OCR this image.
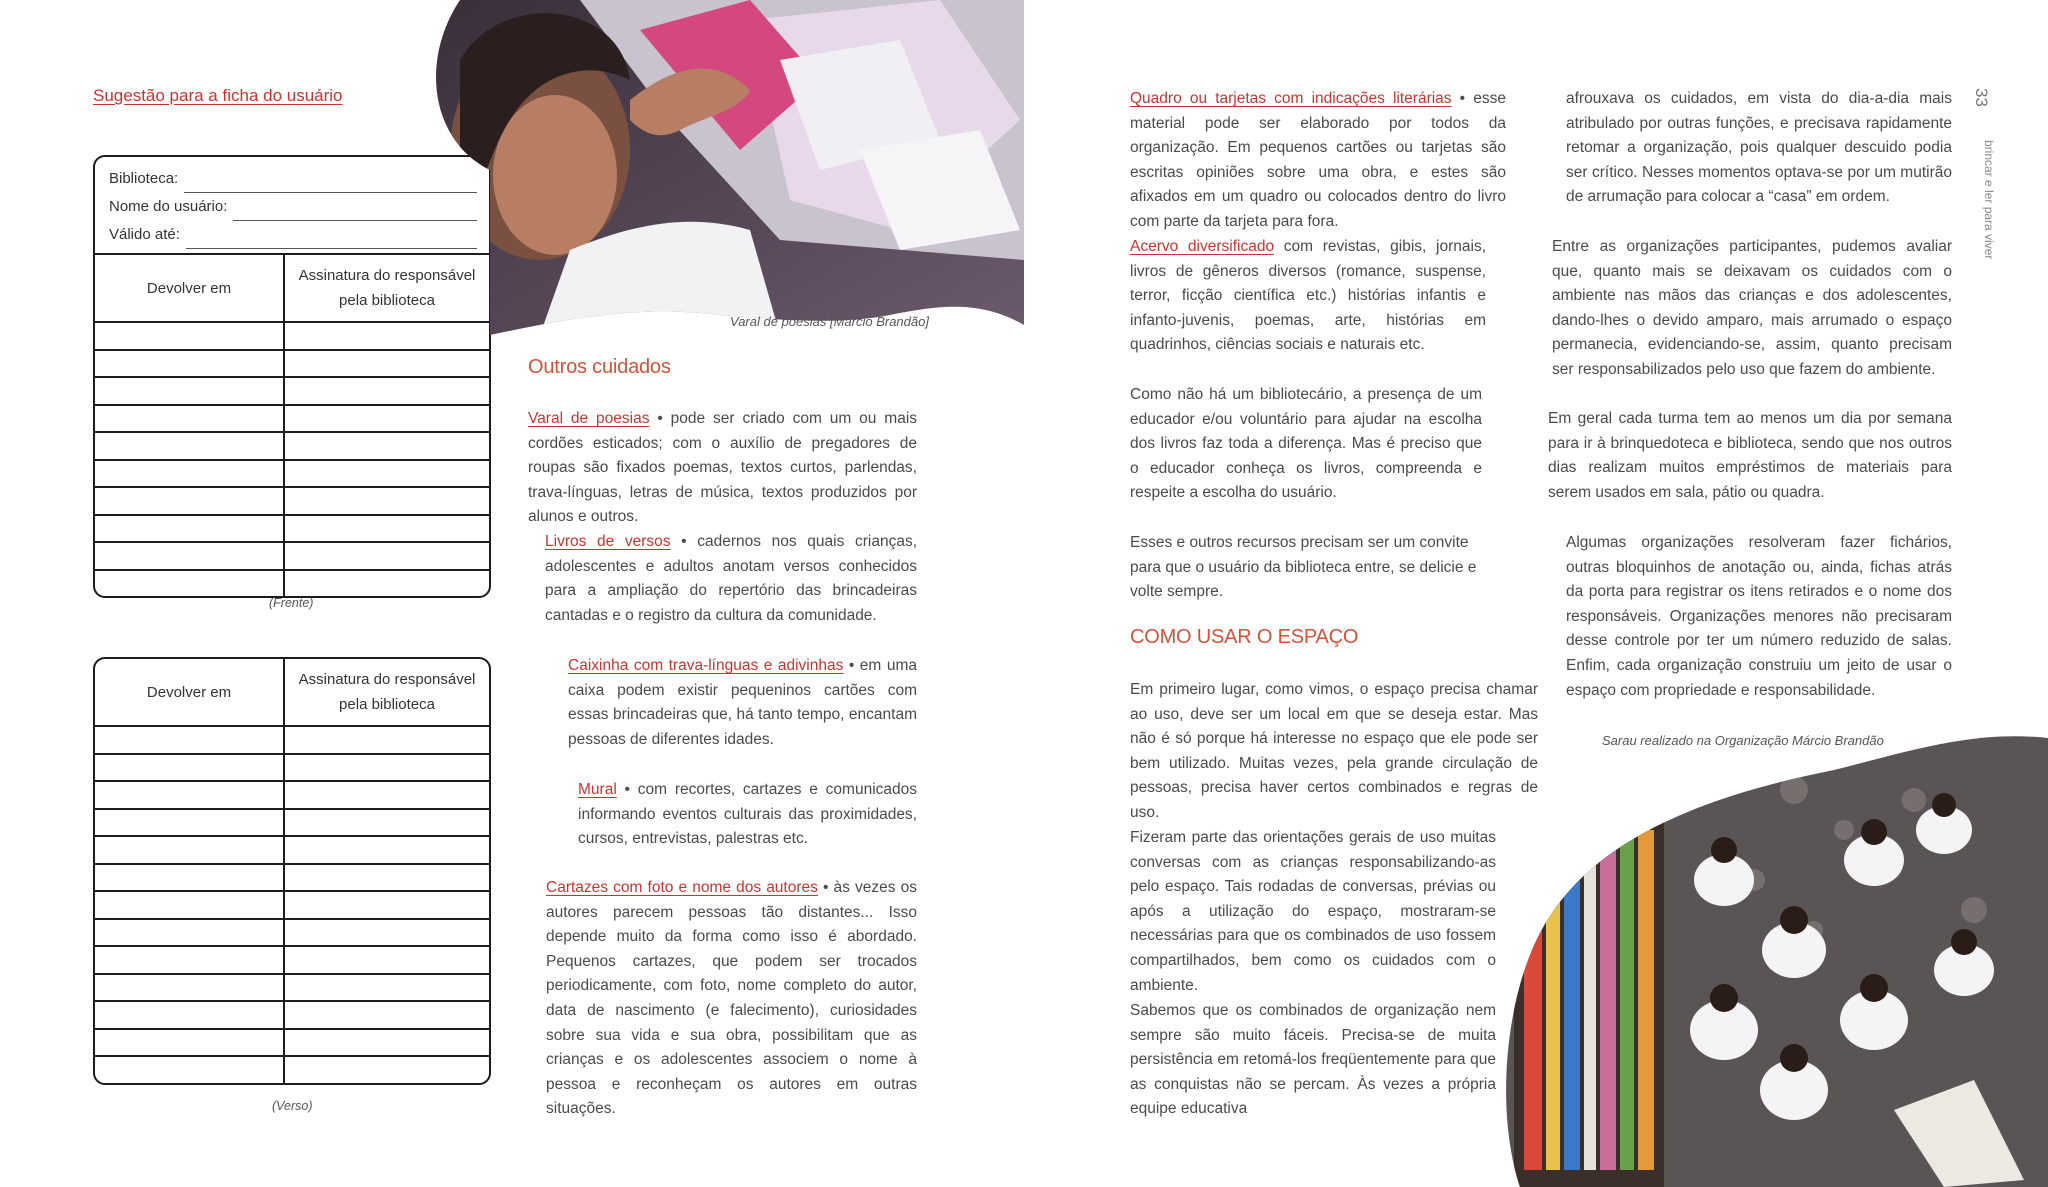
Sugestão para a ficha do usuário
Biblioteca:
Nome do usuário:
Válido até:
Devolver em	Assinatura do responsável
pela biblioteca

(Frente)
Devolver em	Assinatura do responsável
pela biblioteca

(Verso)
Varal de poesias [Márcio Brandão]
Outros cuidados
Varal de poesias • pode ser criado com um ou mais cordões esticados; com o auxílio de pregadores de roupas são fixados poemas, textos curtos, parlendas, trava-línguas, letras de música, textos produzidos por alunos e outros.
Livros de versos • cadernos nos quais crianças, adolescentes e adultos anotam versos conhecidos para a ampliação do repertório das brincadeiras cantadas e o registro da cultura da comunidade.
Caixinha com trava-línguas e adivinhas • em uma caixa podem existir pequeninos cartões com essas brincadeiras que, há tanto tempo, encantam pessoas de diferentes idades.
Mural • com recortes, cartazes e comunicados informando eventos culturais das proximidades, cursos, entrevistas, palestras etc.
Cartazes com foto e nome dos autores • às vezes os autores parecem pessoas tão distantes... Isso depende muito da forma como isso é abordado. Pequenos cartazes, que podem ser trocados periodicamente, com foto, nome completo do autor, data de nascimento (e falecimento), curiosidades sobre sua vida e sua obra, possibilitam que as crianças e os adolescentes associem o nome à pessoa e reconheçam os autores em outras situações.
Quadro ou tarjetas com indicações literárias • esse material pode ser elaborado por todos da organização. Em pequenos cartões ou tarjetas são escritas opiniões sobre uma obra, e estes são afixados em um quadro ou colocados dentro do livro com parte da tarjeta para fora.
Acervo diversificado com revistas, gibis, jornais, livros de gêneros diversos (romance, suspense, terror, ficção científica etc.) histórias infantis e infanto-juvenis, poemas, arte, histórias em quadrinhos, ciências sociais e naturais etc.
Como não há um bibliotecário, a presença de um educador e/ou voluntário para ajudar na escolha dos livros faz toda a diferença. Mas é preciso que o educador conheça os livros, compreenda e respeite a escolha do usuário.
Esses e outros recursos precisam ser um convite para que o usuário da biblioteca entre, se delicie e volte sempre.
COMO USAR O ESPAÇO
Em primeiro lugar, como vimos, o espaço precisa chamar ao uso, deve ser um local em que se deseja estar. Mas não é só porque há interesse no espaço que ele pode ser bem utilizado. Muitas vezes, pela grande circulação de pessoas, precisa haver certos combinados e regras de uso.
Fizeram parte das orientações gerais de uso muitas conversas com as crianças responsabilizando-as pelo espaço. Tais rodadas de conversas, prévias ou após a utilização do espaço, mostraram-se necessárias para que os combinados de uso fossem compartilhados, bem como os cuidados com o ambiente.
Sabemos que os combinados de organização nem sempre são muito fáceis. Precisa-se de muita persistência em retomá-los freqüentemente para que as conquistas não se percam. Às vezes a própria equipe educativa
afrouxava os cuidados, em vista do dia-a-dia mais atribulado por outras funções, e precisava rapidamente retomar a organização, pois qualquer descuido podia ser crítico. Nesses momentos optava-se por um mutirão de arrumação para colocar a “casa” em ordem.
Entre as organizações participantes, pudemos avaliar que, quanto mais se deixavam os cuidados com o ambiente nas mãos das crianças e dos adolescentes, dando-lhes o devido amparo, mais arrumado o espaço permanecia, evidenciando-se, assim, quanto precisam ser responsabilizados pelo uso que fazem do ambiente.
Em geral cada turma tem ao menos um dia por semana para ir à brinquedoteca e biblioteca, sendo que nos outros dias realizam muitos empréstimos de materiais para serem usados em sala, pátio ou quadra.
Algumas organizações resolveram fazer fichários, outras bloquinhos de anotação ou, ainda, fichas atrás da porta para registrar os itens retirados e o nome dos responsáveis. Organizações menores não precisaram desse controle por ter um número reduzido de salas. Enfim, cada organização construiu um jeito de usar o espaço com propriedade e responsabilidade.
Sarau realizado na Organização Márcio Brandão
33
brincar e ler para viver
